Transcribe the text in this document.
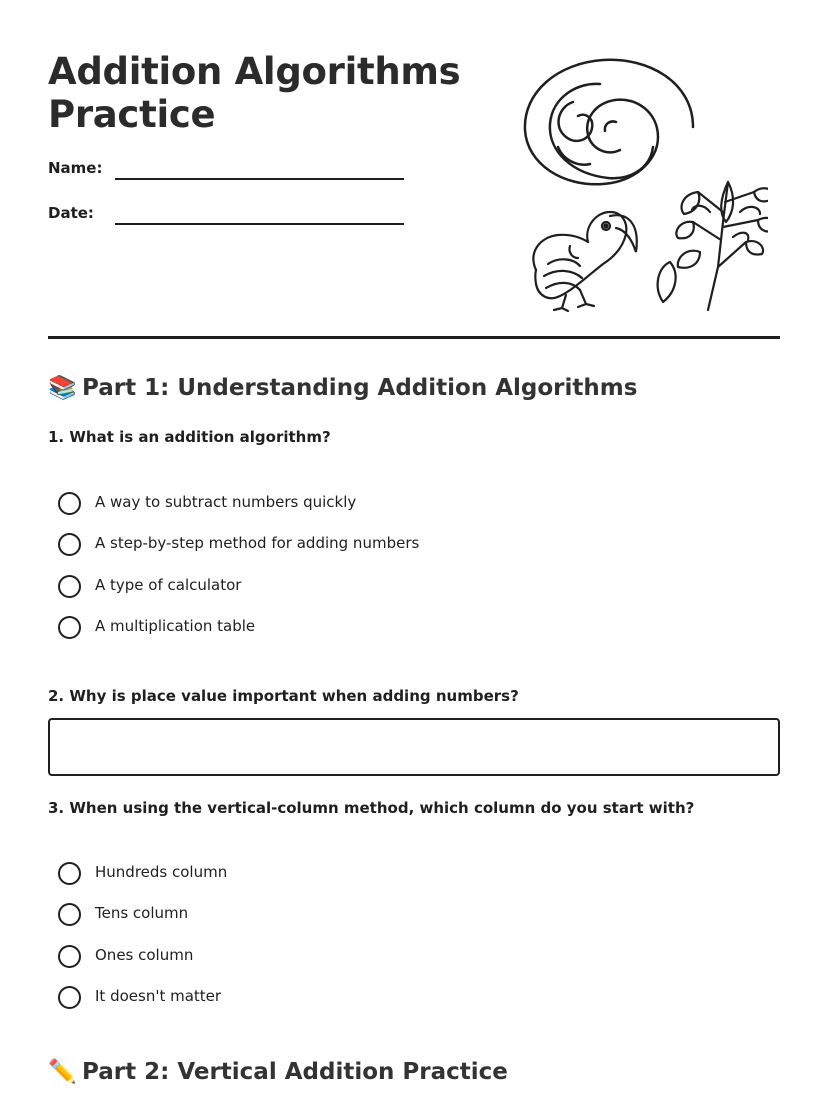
Addition Algorithms
Practice
Name:
Date:
📚 Part 1: Understanding Addition Algorithms
1. What is an addition algorithm?
A way to subtract numbers quickly
A step-by-step method for adding numbers
A type of calculator
A multiplication table
2. Why is place value important when adding numbers?
3. When using the vertical-column method, which column do you start with?
Hundreds column
Tens column
Ones column
It doesn't matter
✏️ Part 2: Vertical Addition Practice
